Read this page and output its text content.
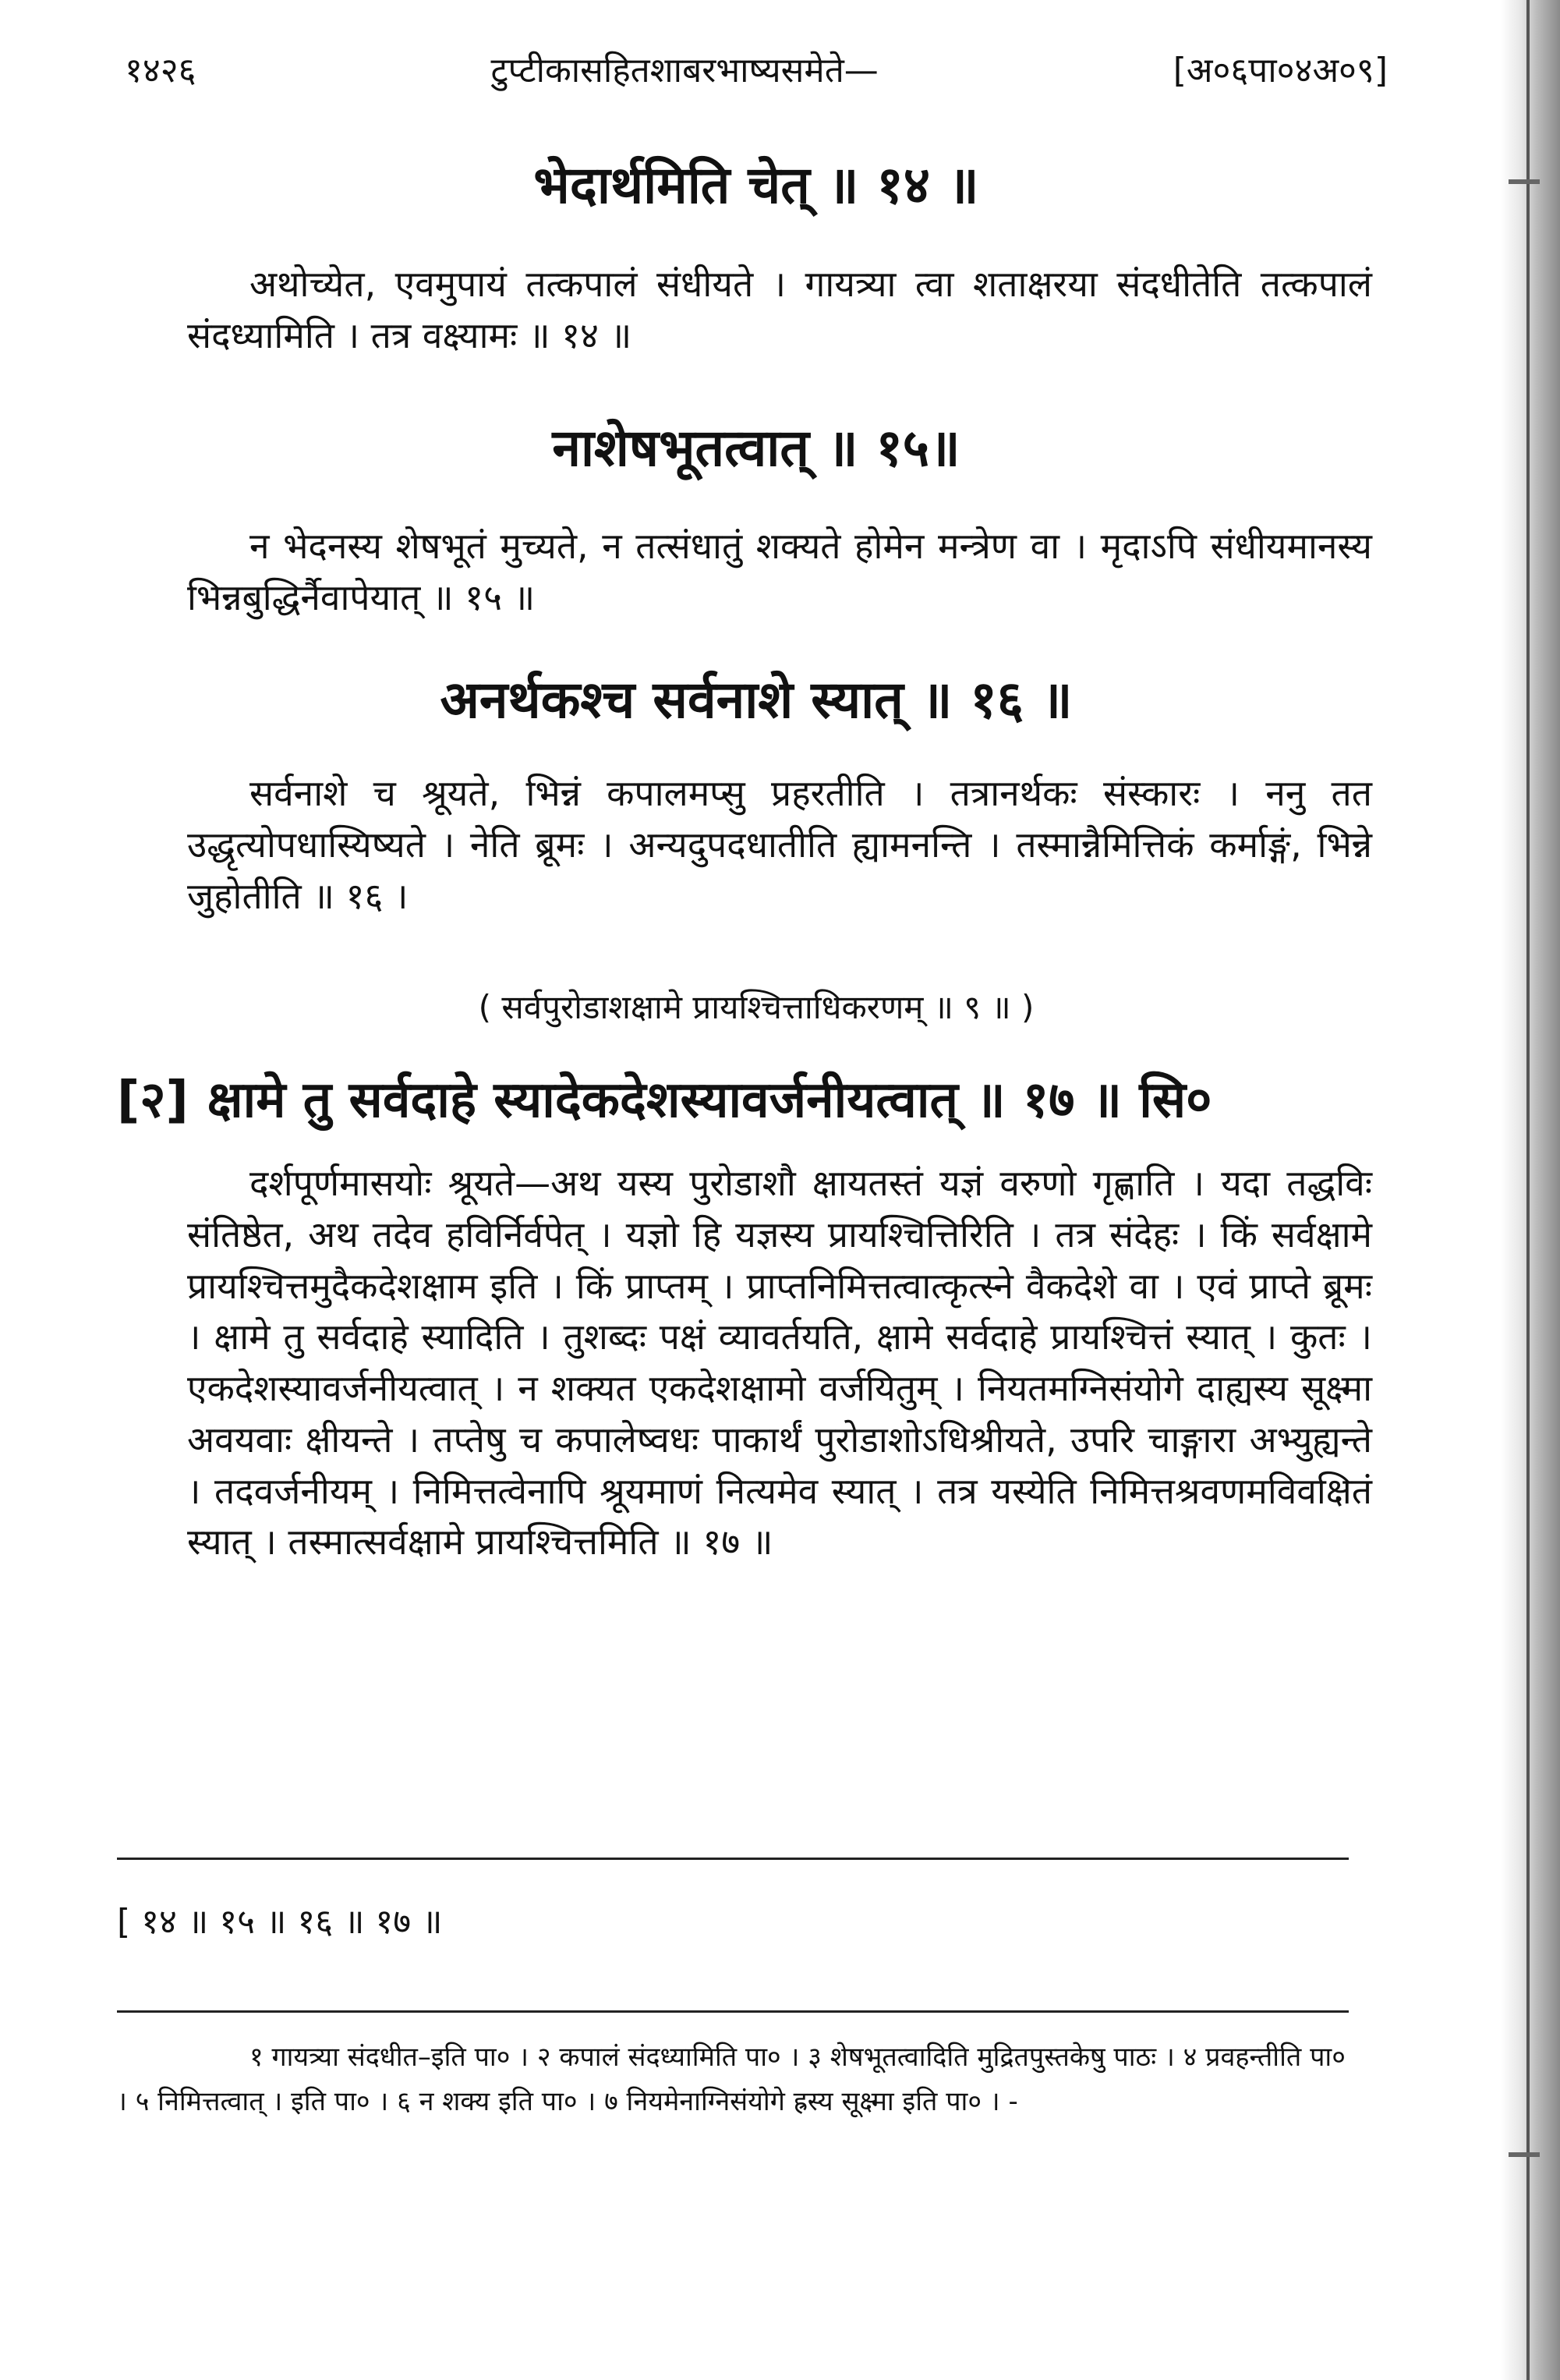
१४२६	टुप्टीकासहितशाबरभाष्यसमेते—	[अ०६पा०४अ०९]
भेदार्थमिति चेत् ॥ १४ ॥
अथोच्येत, एवमुपायं तत्कपालं संधीयते । गायत्र्या त्वा शताक्षरया संदधीतेति तत्कपालं संदध्यामिति । तत्र वक्ष्यामः ॥ १४ ॥
नाशेषभूतत्वात् ॥ १५॥
न भेदनस्य शेषभूतं मुच्यते, न तत्संधातुं शक्यते होमेन मन्त्रेण वा । मृदाऽपि संधीयमानस्य भिन्नबुद्धिर्नैवापेयात् ॥ १५ ॥
अनर्थकश्च सर्वनाशे स्यात् ॥ १६ ॥
सर्वनाशे च श्रूयते, भिन्नं कपालमप्सु प्रहरतीति । तत्रानर्थकः संस्कारः । ननु तत उद्धृत्योपधास्यिष्यते । नेति ब्रूमः । अन्यदुपदधातीति ह्यामनन्ति । तस्मान्नैमित्तिकं कर्माङ्गं, भिन्ने जुहोतीति ॥ १६ ।
( सर्वपुरोडाशक्षामे प्रायश्चित्ताधिकरणम् ॥ ९ ॥ )
[२] क्षामे तु सर्वदाहे स्यादेकदेशस्यावर्जनीयत्वात् ॥ १७ ॥ सि०
दर्शपूर्णमासयोः श्रूयते—अथ यस्य पुरोडाशौ क्षायतस्तं यज्ञं वरुणो गृह्णाति । यदा तद्धविः संतिष्ठेत, अथ तदेव हविर्निर्वपेत् । यज्ञो हि यज्ञस्य प्रायश्चित्तिरिति । तत्र संदेहः । किं सर्वक्षामे प्रायश्चित्तमुदैकदेशक्षाम इति । किं प्राप्तम् । प्राप्तनिमित्तत्वात्कृत्स्ने वैकदेशे वा । एवं प्राप्ते ब्रूमः । क्षामे तु सर्वदाहे स्यादिति । तुशब्दः पक्षं व्यावर्तयति, क्षामे सर्वदाहे प्रायश्चित्तं स्यात् । कुतः । एकदेशस्यावर्जनीयत्वात् । न शक्यत एकदेशक्षामो वर्जयितुम् । नियतमग्निसंयोगे दाह्यस्य सूक्ष्मा अवयवाः क्षीयन्ते । तप्तेषु च कपालेष्वधः पाकार्थं पुरोडाशोऽधिश्रीयते, उपरि चाङ्गारा अभ्युह्यन्ते । तदवर्जनीयम् । निमित्तत्वेनापि श्रूयमाणं नित्यमेव स्यात् । तत्र यस्येति निमित्तश्रवणमविवक्षितं स्यात् । तस्मात्सर्वक्षामे प्रायश्चित्तमिति ॥ १७ ॥
[ १४ ॥ १५ ॥ १६ ॥ १७ ॥
१ गायत्र्या संदधीत–इति पा० । २ कपालं संदध्यामिति पा० । ३ शेषभूतत्वादिति मुद्रितपुस्तकेषु पाठः । ४ प्रवहन्तीति पा० । ५ निमित्तत्वात् । इति पा० । ६ न शक्य इति पा० । ७ नियमेनाग्निसंयोगे ह्रस्य सूक्ष्मा इति पा० । -
